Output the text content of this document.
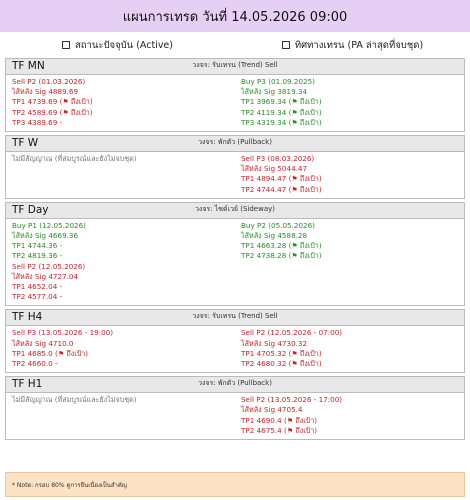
แผนการเทรด วันที่ 14.05.2026 09:00
สถานะปัจจุบัน (Active)	ทิศทางเทรน (PA ล่าสุดที่จบชุด)
วงจร: รับเทรน (Trend) Sell
TF MN
Sell P2 (01.03.2026)
ไส้หลัง Sig 4889.69
TP1 4739.69 (⚑ ถึงเป้า)
TP2 4589.69 (⚑ ถึงเป้า)
TP3 4389.69 -
Buy P3 (01.09.2025)
ไส้หลัง Sig 3819.34
TP1 3969.34 (⚑ ถึงเป้า)
TP2 4119.34 (⚑ ถึงเป้า)
TP3 4319.34 (⚑ ถึงเป้า)
วงจร: พักตัว (Pullback)
TF W
ไม่มีสัญญาณ (ที่สมบูรณ์และยังไม่จบชุด)	Sell P3 (08.03.2026)
ไส้หลัง Sig 5044.47
TP1 4894.47 (⚑ ถึงเป้า)
TP2 4744.47 (⚑ ถึงเป้า)
วงจร: ไซด์เวย์ (Sideway)
TF Day
Buy P1 (12.05.2026)
ไส้หลัง Sig 4669.36
TP1 4744.36 -
TP2 4819.36 -
Sell P2 (12.05.2026)
ไส้หลัง Sig 4727.04
TP1 4652.04 -
TP2 4577.04 -
Buy P2 (05.05.2026)
ไส้หลัง Sig 4588.28
TP1 4663.28 (⚑ ถึงเป้า)
TP2 4738.28 (⚑ ถึงเป้า)
วงจร: รับเทรน (Trend) Sell
TF H4
Sell P3 (13.05.2026 - 19:00)
ไส้หลัง Sig 4710.0
TP1 4685.0 (⚑ ถึงเป้า)
TP2 4660.0 -
Sell P2 (12.05.2026 - 07:00)
ไส้หลัง Sig 4730.32
TP1 4705.32 (⚑ ถึงเป้า)
TP2 4680.32 (⚑ ถึงเป้า)
วงจร: พักตัว (Pullback)
TF H1
ไม่มีสัญญาณ (ที่สมบูรณ์และยังไม่จบชุด)	Sell P2 (13.05.2026 - 17:00)
ไส้หลัง Sig 4705.4
TP1 4690.4 (⚑ ถึงเป้า)
TP2 4675.4 (⚑ ถึงเป้า)
* Note: กรอบ 80% ดูการยืนเนื่องเป็นสำคัญ
